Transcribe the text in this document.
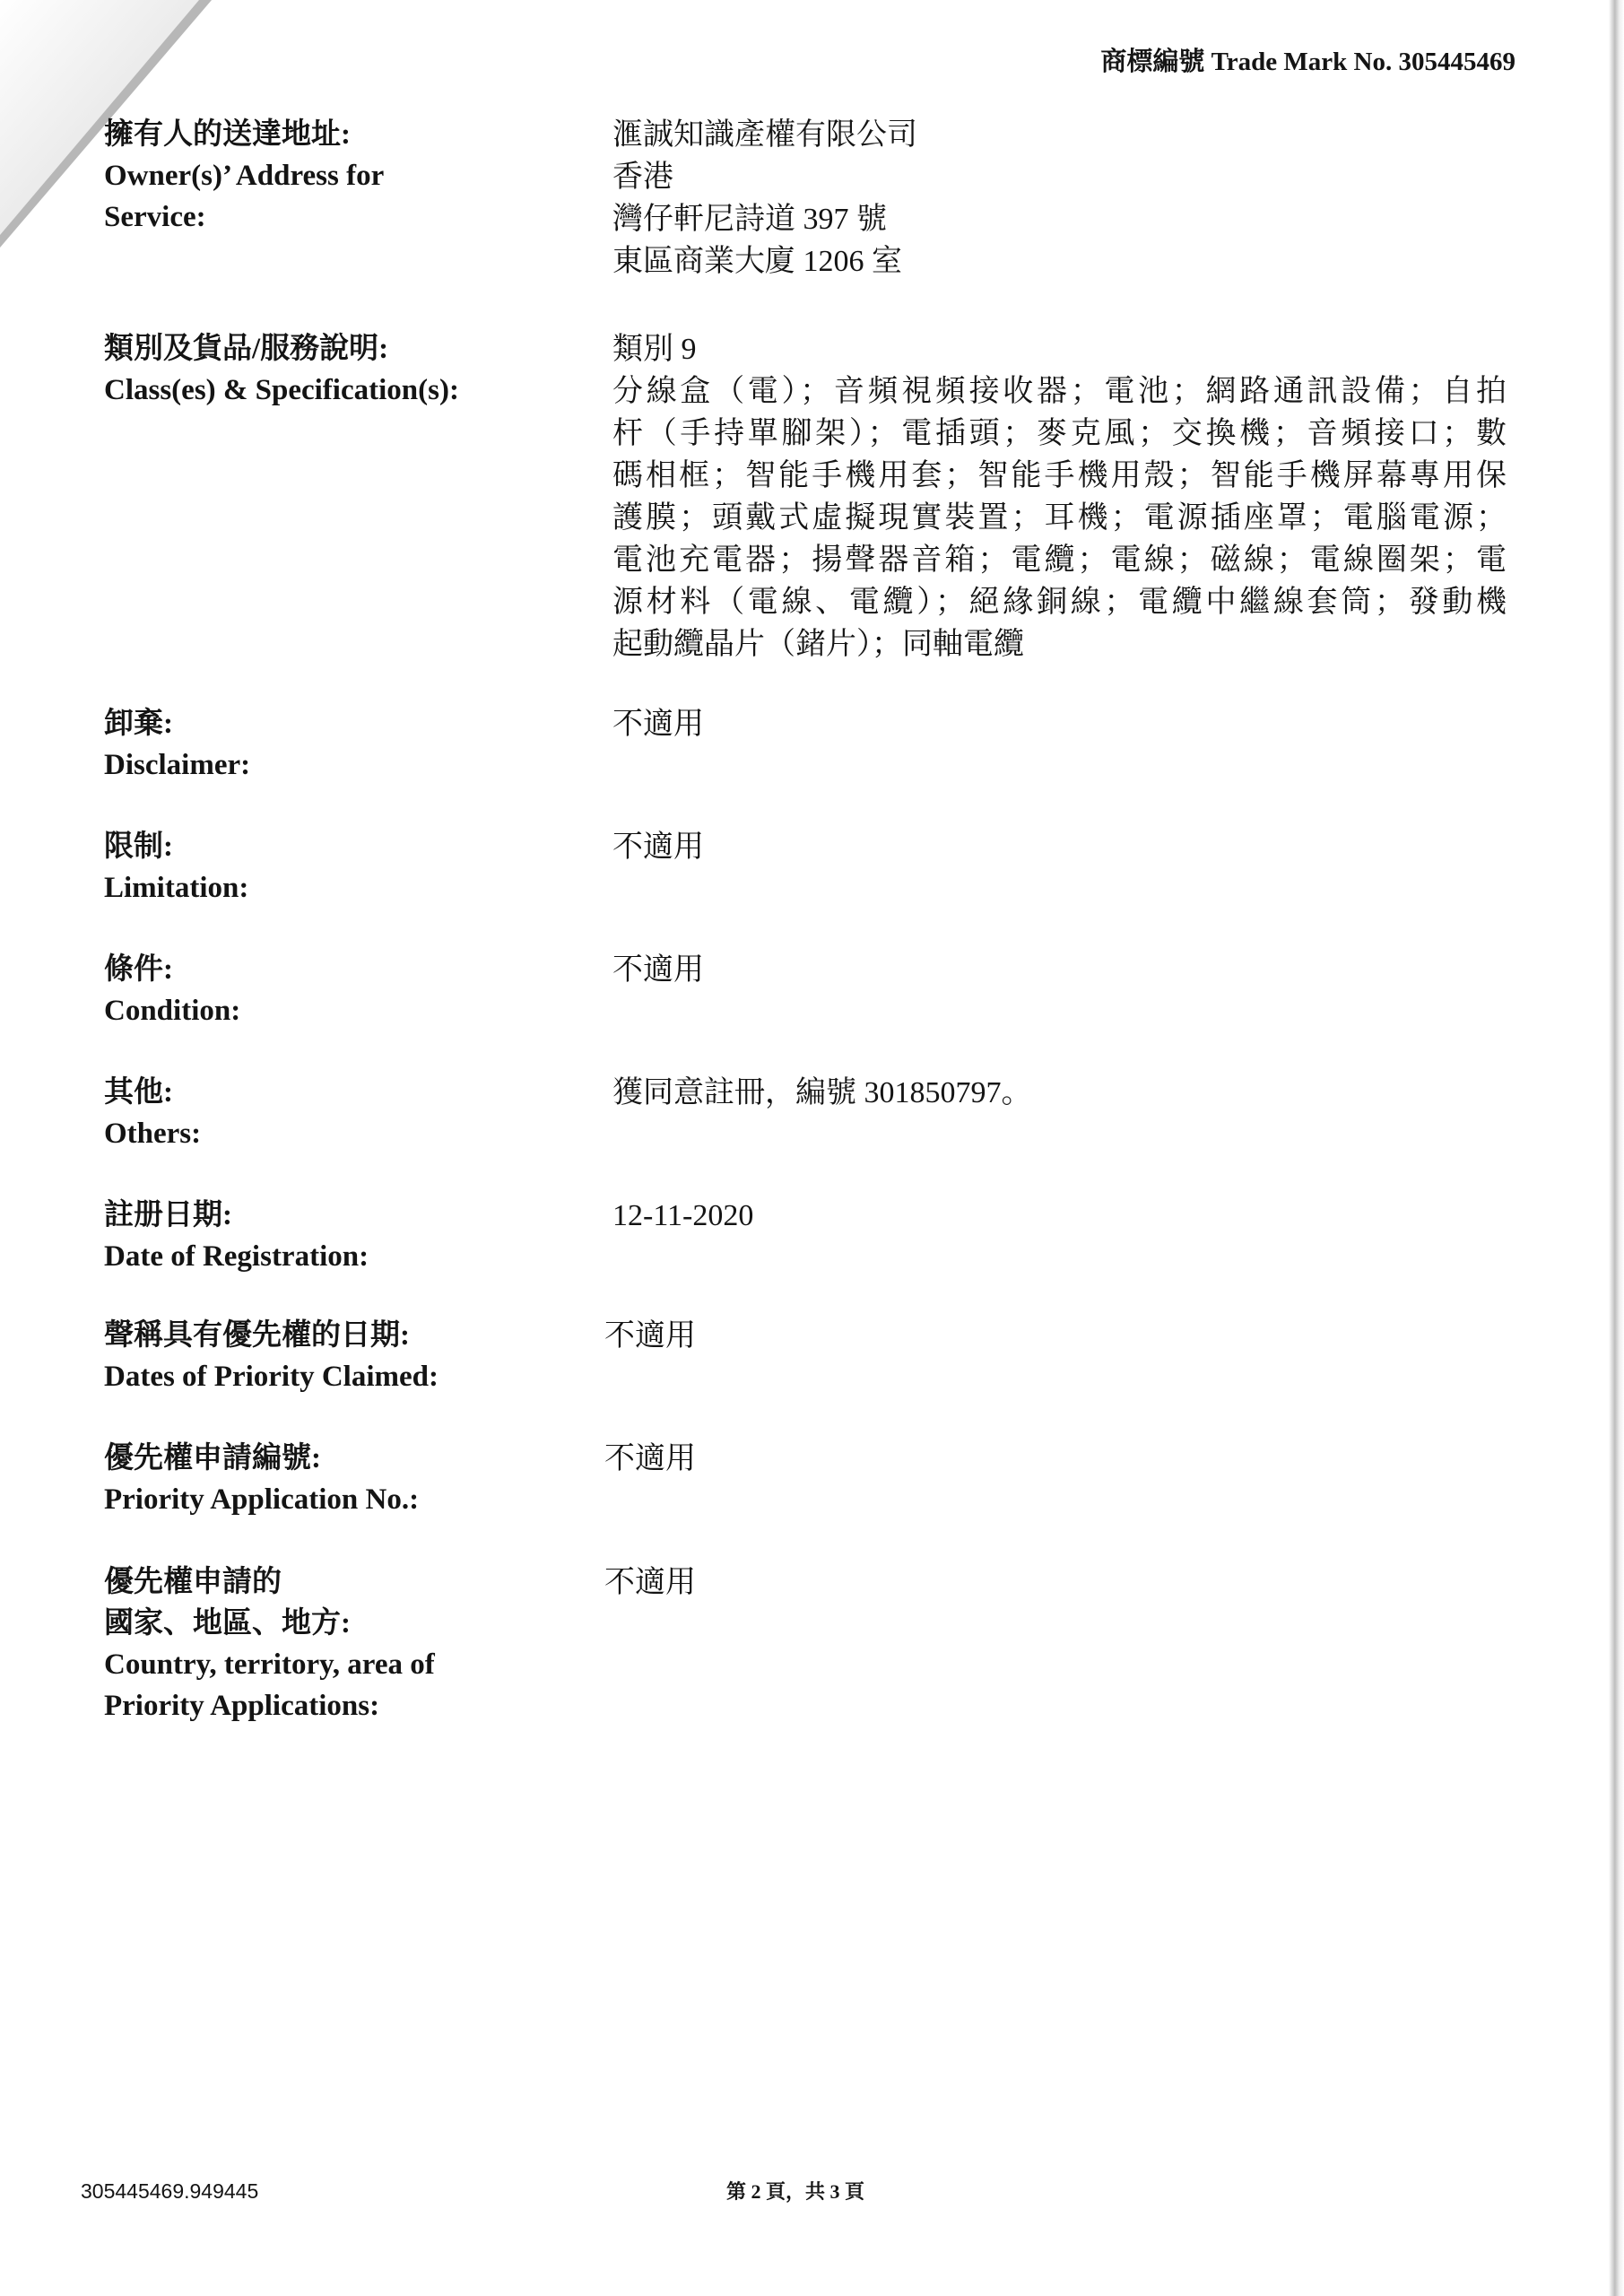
商標編號 Trade Mark No. 305445469
擁有人的送達地址:
Owner(s)’ Address for
Service:
滙誠知識產權有限公司
香港
灣仔軒尼詩道 397 號
東區商業大廈 1206 室
類別及貨品/服務說明:
Class(es) & Specification(s):
類別 9
分線盒（電）；音頻視頻接收器；電池；網路通訊設備；自拍
杆（手持單腳架）；電插頭；麥克風；交換機；音頻接口；數
碼相框；智能手機用套；智能手機用殼；智能手機屏幕專用保
護膜；頭戴式虛擬現實裝置；耳機；電源插座罩；電腦電源；
電池充電器；揚聲器音箱；電纜；電線；磁線；電線圈架；電
源材料（電線、電纜）；絕緣銅線；電纜中繼線套筒；發動機
起動纜晶片（鍺片）；同軸電纜
卸棄:
Disclaimer:
不適用
限制:
Limitation:
不適用
條件:
Condition:
不適用
其他:
Others:
獲同意註冊，編號 301850797。
註册日期:
Date of Registration:
12-11-2020
聲稱具有優先權的日期:
Dates of Priority Claimed:
不適用
優先權申請編號:
Priority Application No.:
不適用
優先權申請的
國家、地區、地方:
Country, territory, area of
Priority Applications:
不適用
305445469.949445	第 2 頁，共 3 頁
